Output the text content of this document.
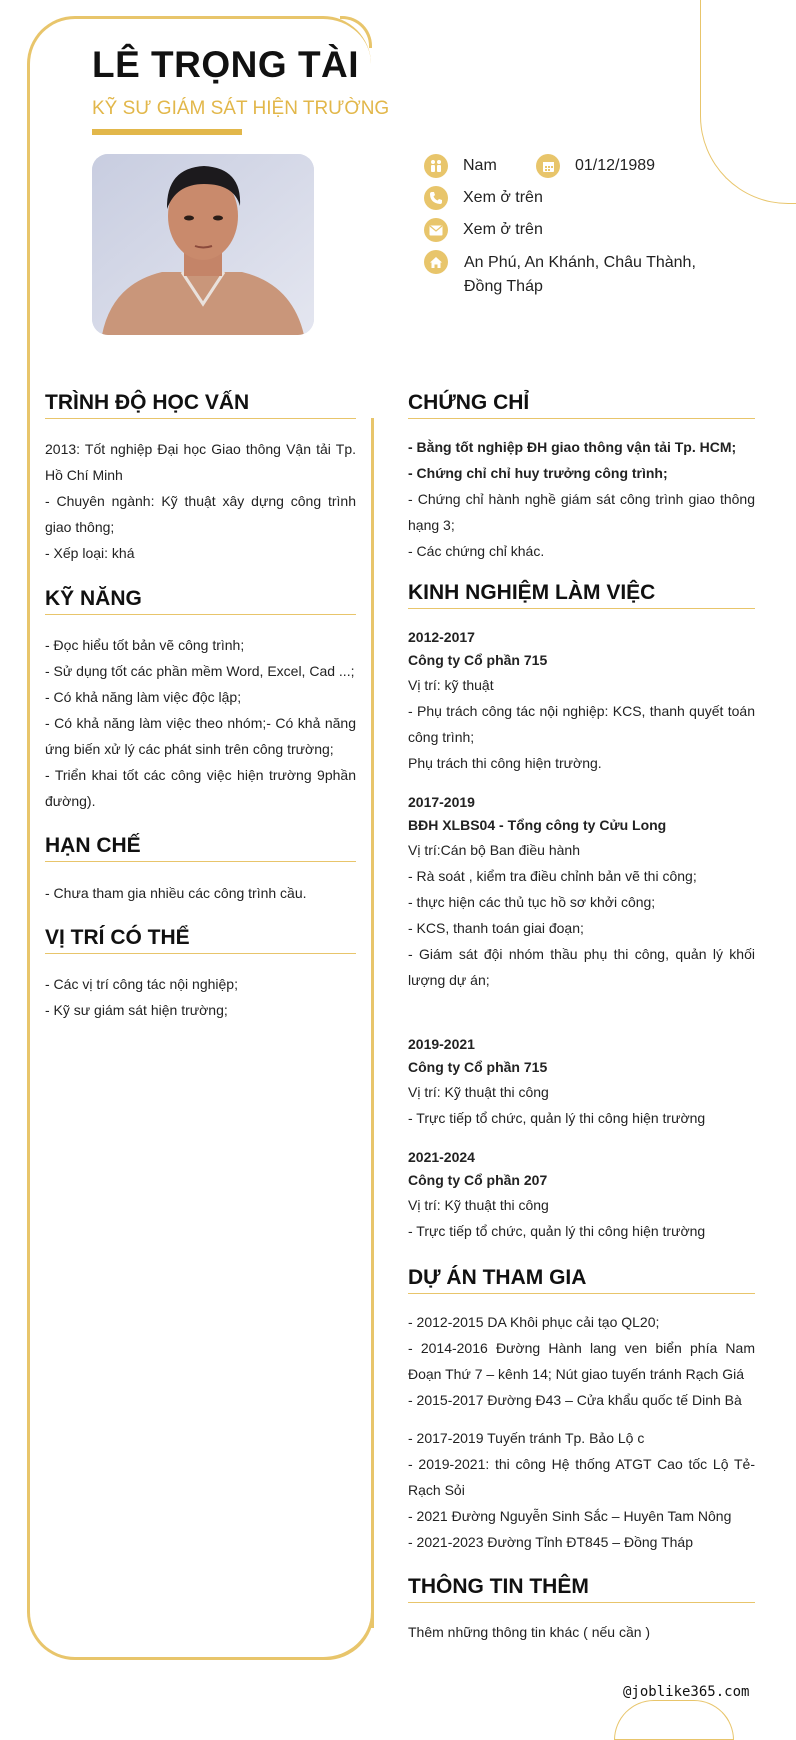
LÊ TRỌNG TÀI
KỸ SƯ GIÁM SÁT HIỆN TRƯỜNG
Nam	01/12/1989
Xem ở trên
Xem ở trên
An Phú, An Khánh, Châu Thành, Đồng Tháp
TRÌNH ĐỘ HỌC VẤN
2013: Tốt nghiệp Đại học Giao thông Vận tải Tp. Hồ Chí Minh
- Chuyên ngành: Kỹ thuật xây dựng công trình giao thông;
- Xếp loại: khá
KỸ NĂNG
- Đọc hiểu tốt bản vẽ công trình;
- Sử dụng tốt các phần mềm Word, Excel, Cad ...;
- Có khả năng làm việc độc lập;
- Có khả năng làm việc theo nhóm;- Có khả năng ứng biến xử lý các phát sinh trên công trường;
- Triển khai tốt các công việc hiện trường 9phần đường).
HẠN CHẾ
- Chưa tham gia nhiều các công trình cầu.
VỊ TRÍ CÓ THỂ
- Các vị trí công tác nội nghiệp;
- Kỹ sư giám sát hiện trường;
CHỨNG CHỈ
- Bằng tốt nghiệp ĐH giao thông vận tải Tp. HCM;
- Chứng chỉ chỉ huy trưởng công trình;
- Chứng chỉ hành nghề giám sát công trình giao thông hạng 3;
- Các chứng chỉ khác.
KINH NGHIỆM LÀM VIỆC
2012-2017
Công ty Cổ phần 715
Vị trí: kỹ thuật
- Phụ trách công tác nội nghiệp: KCS, thanh quyết toán công trình;
Phụ trách thi công hiện trường.
2017-2019
BĐH XLBS04 - Tổng công ty Cửu Long
Vị trí:Cán bộ Ban điều hành
- Rà soát , kiểm tra điều chỉnh bản vẽ thi công;
- thực hiện các thủ tục hồ sơ khởi công;
- KCS, thanh toán giai đoạn;
- Giám sát đội nhóm thầu phụ thi công, quản lý khối lượng dự án;
2019-2021
Công ty Cổ phần 715
Vị trí: Kỹ thuật thi công
- Trực tiếp tổ chức, quản lý thi công hiện trường
2021-2024
Công ty Cổ phần 207
Vị trí: Kỹ thuật thi công
- Trực tiếp tổ chức, quản lý thi công hiện trường
DỰ ÁN THAM GIA
- 2012-2015 DA Khôi phục cải tạo QL20;
- 2014-2016 Đường Hành lang ven biển phía Nam Đoạn Thứ 7 – kênh 14; Nút giao tuyến tránh Rạch Giá
- 2015-2017 Đường Đ43 – Cửa khẩu quốc tế Dinh Bà
- 2017-2019 Tuyến tránh Tp. Bảo Lộ c
- 2019-2021: thi công Hệ thống ATGT Cao tốc Lộ Tẻ- Rạch Sỏi
- 2021 Đường Nguyễn Sinh Sắc – Huyên Tam Nông
- 2021-2023 Đường Tỉnh ĐT845 – Đồng Tháp
THÔNG TIN THÊM
Thêm những thông tin khác ( nếu cần )
@joblike365.com
